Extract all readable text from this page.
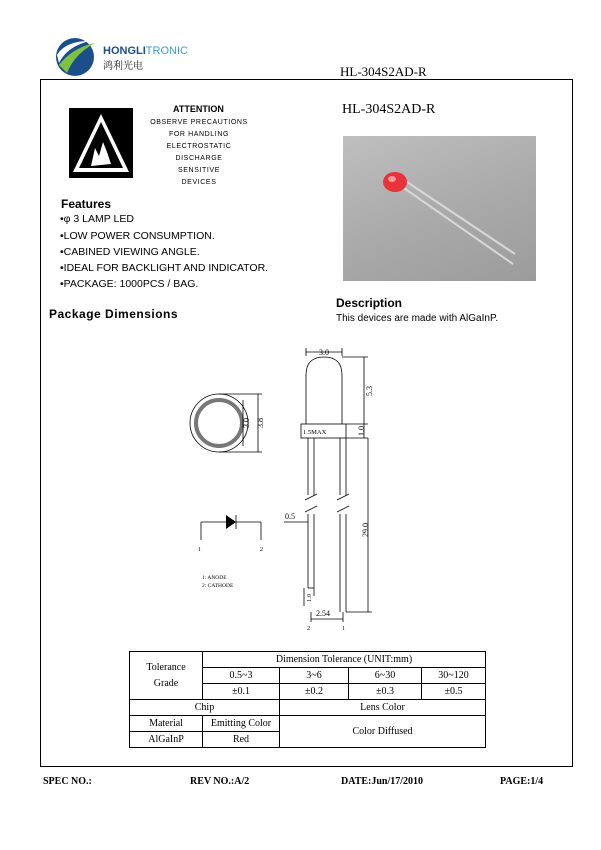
HONGLITRONIC
鸿利光电	HL-304S2AD-R
ATTENTION
OBSERVE PRECAUTIONS
FOR HANDLING
ELECTROSTATIC
DISCHARGE
SENSITIVE
DEVICES
HL-304S2AD-R
Features
•φ 3 LAMP LED
•LOW POWER CONSUMPTION.
•CABINED VIEWING ANGLE.
•IDEAL FOR BACKLIGHT AND INDICATOR.
•PACKAGE: 1000PCS / BAG.
Description
This devices are made with AlGaInP.
Package Dimensions
3.0
5.3
1.0
1.5MAX
3.0 3.8
0.5
29.0
1.0
2.54
1	2
2	1
1: ANODE
2: CATHODE
Tolerance Grade	Dimension Tolerance (UNIT:mm)			
	0.5~3	3~6	6~30	30~120
	±0.1	±0.2	±0.3	±0.5
Chip		Lens Color		
Material	Emitting Color	Color Diffused		
AlGaInP	Red			
SPEC NO.:	REV NO.:A/2	DATE:Jun/17/2010	PAGE:1/4
